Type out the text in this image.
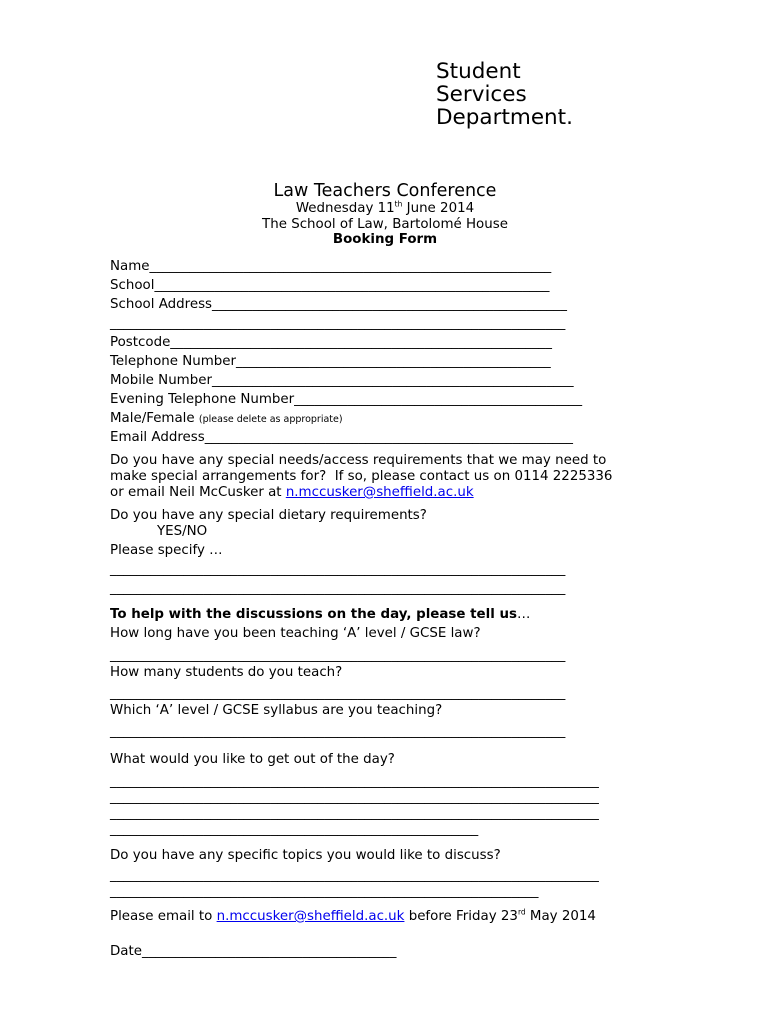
Student
Services
Department.
Law Teachers Conference
Wednesday 11th June 2014
The School of Law, Bartolomé House
Booking Form
Name____________________________________________________________
School___________________________________________________________
School Address_____________________________________________________
____________________________________________________________________
Postcode_________________________________________________________
Telephone Number_______________________________________________
Mobile Number______________________________________________________
Evening Telephone Number___________________________________________
Male/Female (please delete as appropriate)
Email Address_______________________________________________________
Do you have any special needs/access requirements that we may need to
make special arrangements for?  If so, please contact us on 0114 2225336
or email Neil McCusker at n.mccusker@sheffield.ac.uk
Do you have any special dietary requirements?
YES/NO
Please specify …
____________________________________________________________________
____________________________________________________________________
To help with the discussions on the day, please tell us…
How long have you been teaching ‘A’ level / GCSE law?
____________________________________________________________________
How many students do you teach?
____________________________________________________________________
Which ‘A’ level / GCSE syllabus are you teaching?
____________________________________________________________________
What would you like to get out of the day?
_________________________________________________________________________
_________________________________________________________________________
_________________________________________________________________________
_______________________________________________________
Do you have any specific topics you would like to discuss?
_________________________________________________________________________
________________________________________________________________
Please email to n.mccusker@sheffield.ac.uk before Friday 23rd May 2014
Date______________________________________
